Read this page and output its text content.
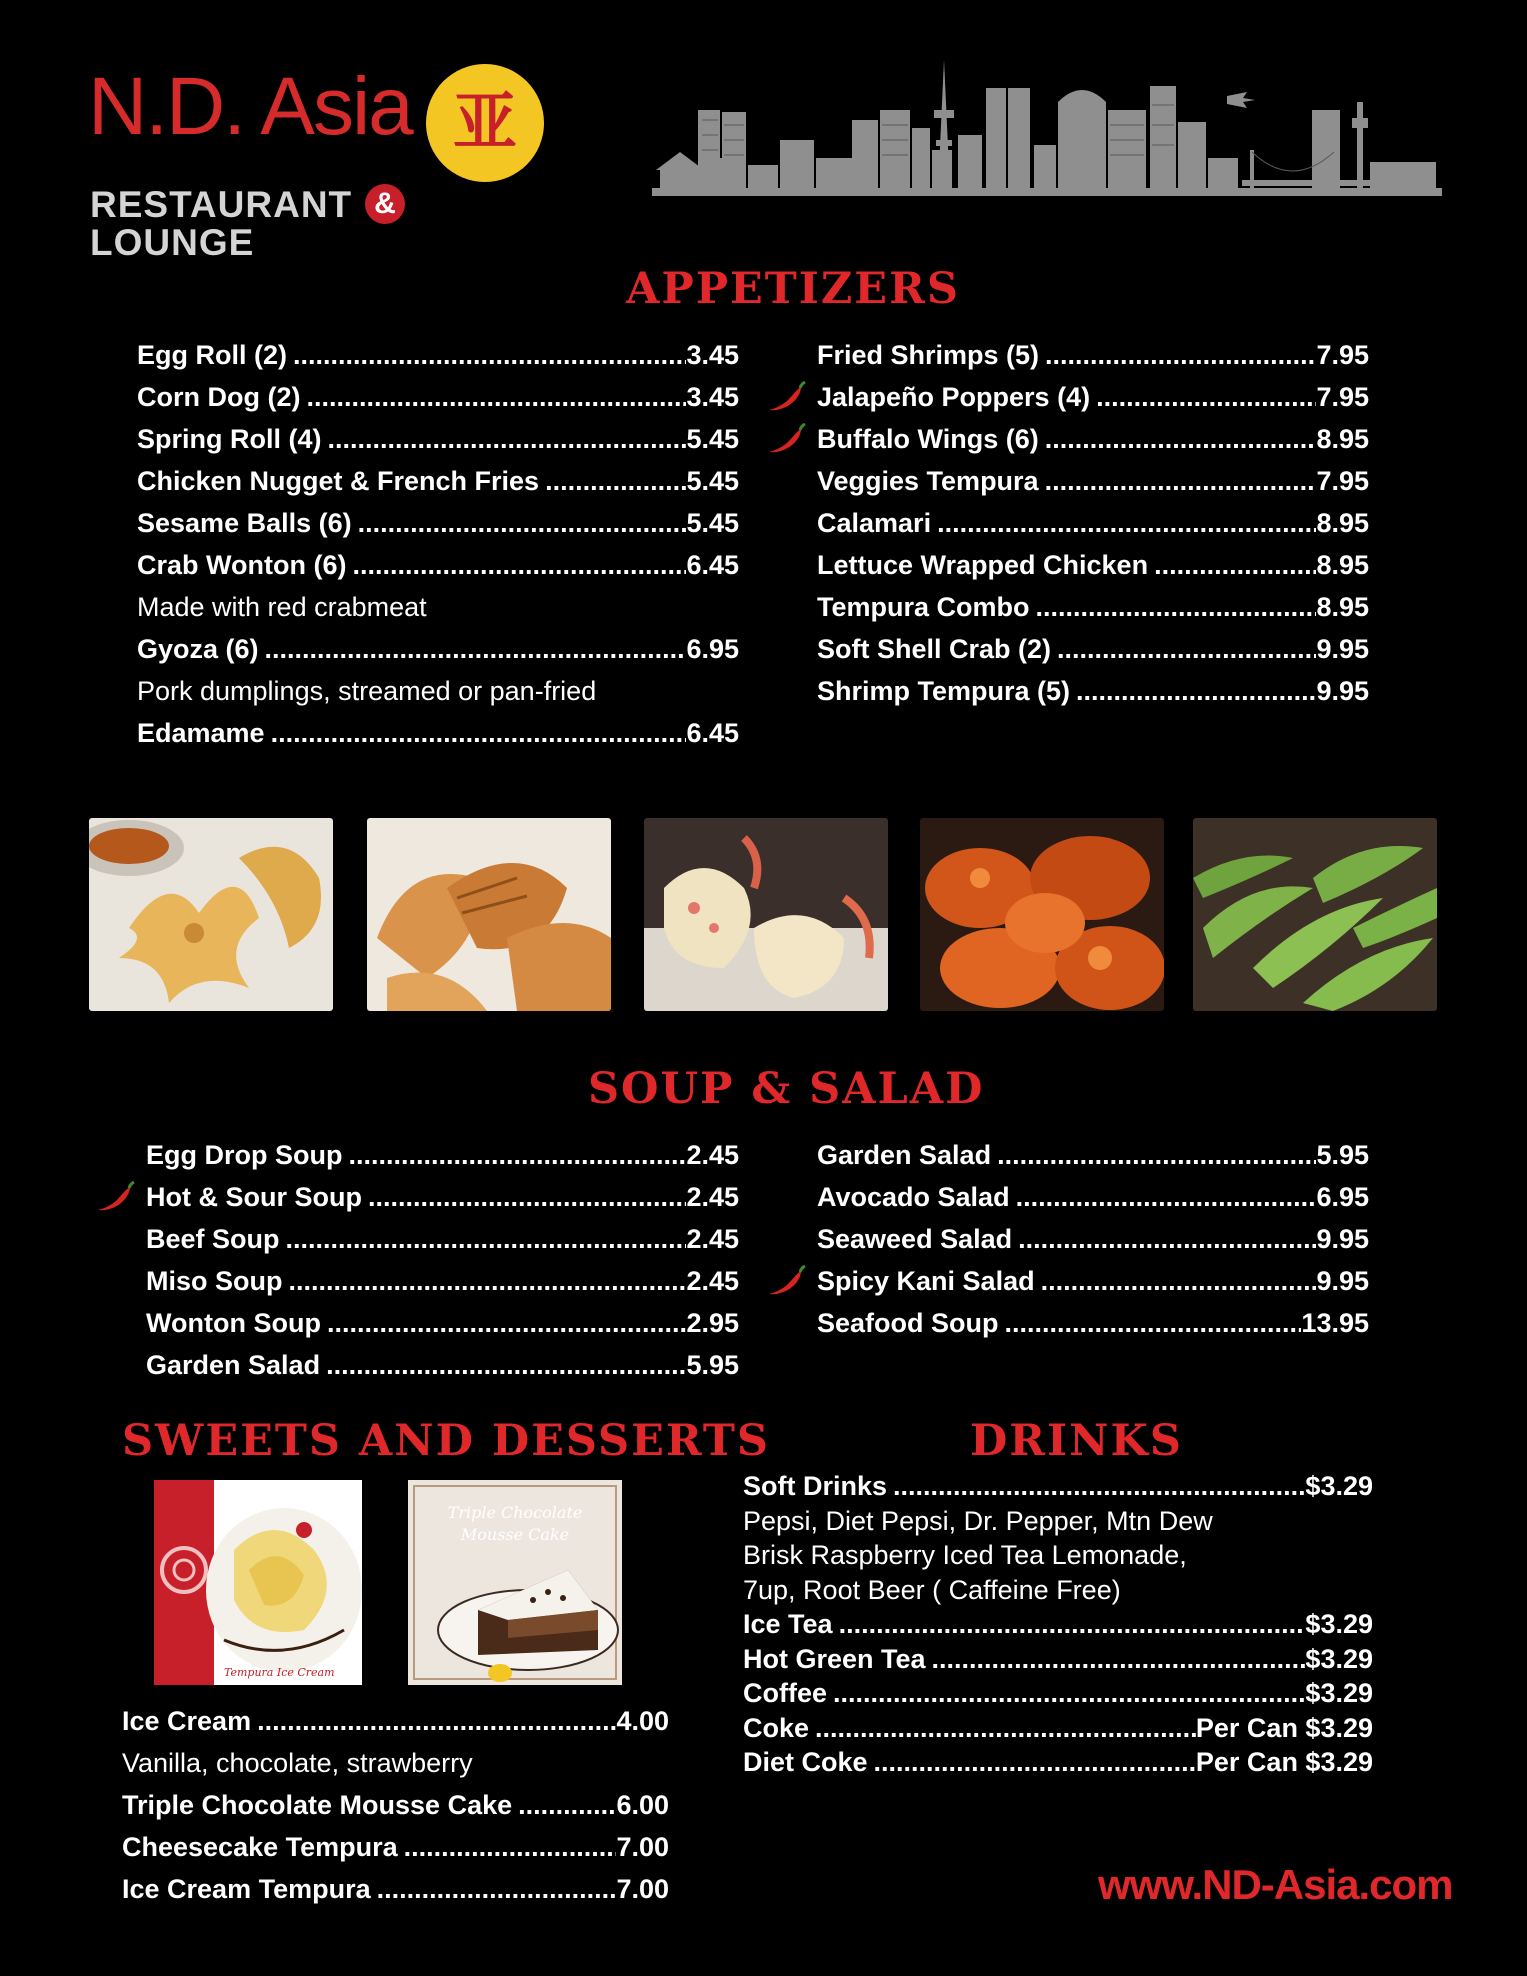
N.D. Asia 亚
RESTAURANT & LOUNGE
APPETIZERS
Egg Roll (2) .....	3.45
Corn Dog (2) .....	3.45
Spring Roll (4) .....	5.45
Chicken Nugget & French Fries .....	5.45
Sesame Balls (6) .....	5.45
Crab Wonton (6) .....	6.45
Made with red crabmeat
Gyoza (6) .....	6.95
Pork dumplings, streamed or pan-fried
Edamame .....	6.45
Fried Shrimps (5) .....	7.95
Jalapeño Poppers (4) .....	7.95
Buffalo Wings (6) .....	8.95
Veggies Tempura .....	7.95
Calamari .....	8.95
Lettuce Wrapped Chicken .....	8.95
Tempura Combo .....	8.95
Soft Shell Crab (2) .....	9.95
Shrimp Tempura (5) .....	9.95
SOUP & SALAD
Egg Drop Soup .....	2.45
Hot & Sour Soup .....	2.45
Beef Soup .....	2.45
Miso Soup .....	2.45
Wonton Soup .....	2.95
Garden Salad .....	5.95
Garden Salad .....	5.95
Avocado Salad .....	6.95
Seaweed Salad .....	9.95
Spicy Kani Salad .....	9.95
Seafood Soup .....	13.95
SWEETS AND DESSERTS
Tempura Ice Cream
Triple Chocolate Mousse Cake
Ice Cream .....	4.00
Vanilla, chocolate, strawberry
Triple Chocolate Mousse Cake .....	6.00
Cheesecake Tempura .....	7.00
Ice Cream Tempura .....	7.00
DRINKS
Soft Drinks .....	$3.29
Pepsi, Diet Pepsi, Dr. Pepper, Mtn Dew
Brisk Raspberry Iced Tea Lemonade,
7up, Root Beer ( Caffeine Free)
Ice Tea .....	$3.29
Hot Green Tea .....	$3.29
Coffee .....	$3.29
Coke .....	Per Can $3.29
Diet Coke .....	Per Can $3.29
www.ND-Asia.com
